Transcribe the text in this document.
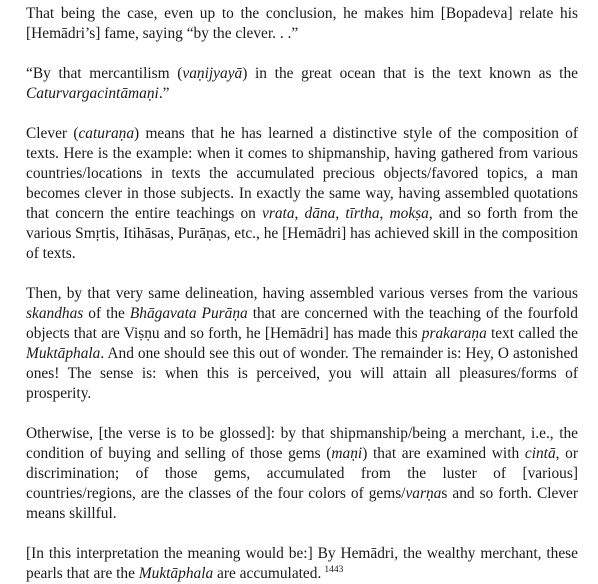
That being the case, even up to the conclusion, he makes him [Bopadeva] relate his [Hemādri’s] fame, saying “by the clever. . .”

“By that mercantilism (vaṇijyayā) in the great ocean that is the text known as the Caturvargacintāmaṇi.”

Clever (caturaṇa) means that he has learned a distinctive style of the composition of texts. Here is the example: when it comes to shipmanship, having gathered from various countries/locations in texts the accumulated precious objects/favored topics, a man becomes clever in those subjects. In exactly the same way, having assembled quotations that concern the entire teachings on vrata, dāna, tīrtha, mokṣa, and so forth from the various Smṛtis, Itihāsas, Purāṇas, etc., he [Hemādri] has achieved skill in the composition of texts.

Then, by that very same delineation, having assembled various verses from the various skandhas of the Bhāgavata Purāṇa that are concerned with the teaching of the fourfold objects that are Viṣṇu and so forth, he [Hemādri] has made this prakaraṇa text called the Muktāphala. And one should see this out of wonder. The remainder is: Hey, O astonished ones! The sense is: when this is perceived, you will attain all pleasures/forms of prosperity.

Otherwise, [the verse is to be glossed]: by that shipmanship/being a merchant, i.e., the condition of buying and selling of those gems (maṇi) that are examined with cintā, or discrimination; of those gems, accumulated from the luster of [various] countries/regions, are the classes of the four colors of gems/varṇas and so forth. Clever means skillful.

[In this interpretation the meaning would be:] By Hemādri, the wealthy merchant, these pearls that are the Muktāphala are accumulated. $^{1443}$
